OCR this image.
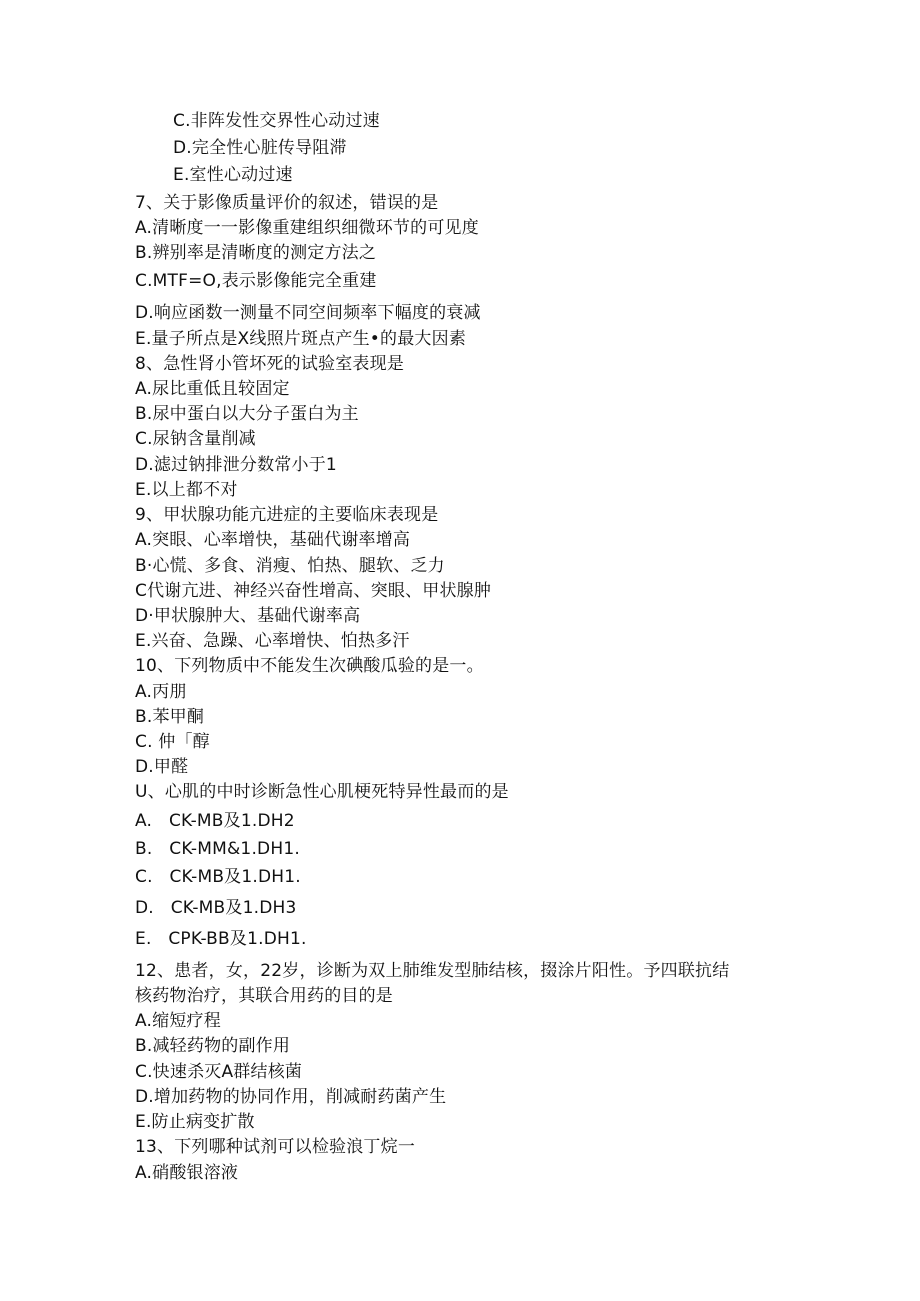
C.非阵发性交界性心动过速
D.完全性心脏传导阻滞
E.室性心动过速
7、关于影像质量评价的叙述，错误的是
A.清晰度一一影像重建组织细微环节的可见度
B.辨别率是清晰度的测定方法之
C.MTF=O,表示影像能完全重建
D.响应函数一测量不同空间频率下幅度的衰减
E.量子所点是X线照片斑点产生•的最大因素
8、急性肾小管坏死的试验室表现是
A.尿比重低且较固定
B.尿中蛋白以大分子蛋白为主
C.尿钠含量削减
D.滤过钠排泄分数常小于1
E.以上都不对
9、甲状腺功能亢进症的主要临床表现是
A.突眼、心率增快，基础代谢率增高
B·心慌、多食、消瘦、怕热、腿软、乏力
C代谢亢进、神经兴奋性增高、突眼、甲状腺肿
D·甲状腺肿大、基础代谢率高
E.兴奋、急躁、心率增快、怕热多汗
10、下列物质中不能发生次碘酸瓜验的是一。
A.丙朋
B.苯甲酮
C. 仲「醇
D.甲醛
U、心肌的中时诊断急性心肌梗死特异性最而的是
A.   CK-MB及1.DH2
B.   CK-MM&1.DH1.
C.   CK-MB及1.DH1.
D.   CK-MB及1.DH3
E.   CPK-BB及1.DH1.
12、患者，女，22岁，诊断为双上肺维发型肺结核，掇涂片阳性。予四联抗结
核药物治疗，其联合用药的目的是
A.缩短疗程
B.减轻药物的副作用
C.快速杀灭A群结核菌
D.增加药物的协同作用，削减耐药菌产生
E.防止病变扩散
13、下列哪种试剂可以检验浪丁烷一
A.硝酸银溶液
